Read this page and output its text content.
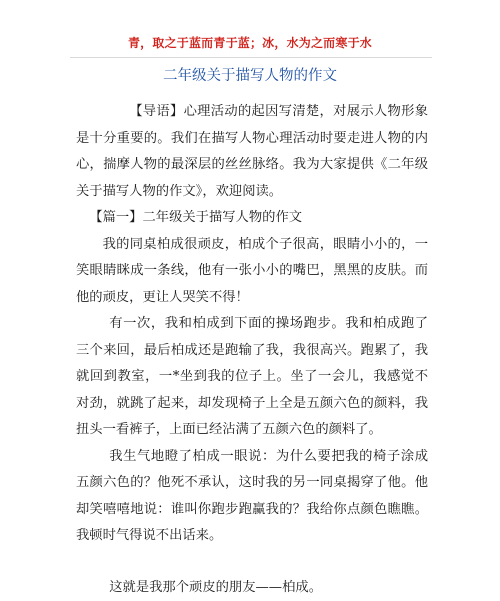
青，取之于蓝而青于蓝；冰，水为之而寒于水
二年级关于描写人物的作文

【导语】心理活动的起因写清楚，对展示人物形象是十分重要的。我们在描写人物心理活动时要走进人物的内心，揣摩人物的最深层的丝丝脉络。我为大家提供《二年级关于描写人物的作文》，欢迎阅读。

【篇一】二年级关于描写人物的作文

我的同桌柏成很顽皮，柏成个子很高，眼睛小小的，一笑眼睛眯成一条线，他有一张小小的嘴巴，黑黑的皮肤。而他的顽皮，更让人哭笑不得！

有一次，我和柏成到下面的操场跑步。我和柏成跑了三个来回，最后柏成还是跑输了我，我很高兴。跑累了，我就回到教室，一*坐到我的位子上。坐了一会儿，我感觉不对劲，就跳了起来，却发现椅子上全是五颜六色的颜料，我扭头一看裤子，上面已经沾满了五颜六色的颜料了。

我生气地瞪了柏成一眼说：为什么要把我的椅子涂成五颜六色的？他死不承认，这时我的另一同桌揭穿了他。他却笑嘻嘻地说：谁叫你跑步跑赢我的？我给你点颜色瞧瞧。我顿时气得说不出话来。

这就是我那个顽皮的朋友——柏成。
